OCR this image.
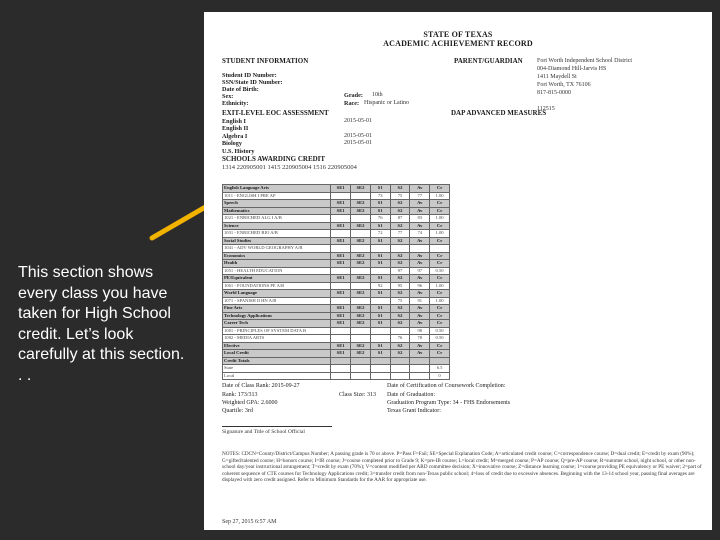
This section shows every class you have taken for High School credit. Let’s look carefully at this section. . .
STATE OF TEXAS
ACADEMIC ACHIEVEMENT RECORD
STUDENT INFORMATION	PARENT/GUARDIAN Fort Worth Independent School District
004-Diamond Hill-Jarvis HS
1411 Maydell St
Fort Worth, TX 76106
817-815-0000
112515
Student ID Number:
SSN/State ID Number:
Date of Birth:
Grade: 10th
Sex:
Ethnicity:	Race: Hispanic or Latino
EXIT-LEVEL EOC ASSESSMENT	DAP ADVANCED MEASURES
English I	2015-05-01
English II
Algebra I	2015-05-01
Biology	2015-05-01
U.S. History
SCHOOLS AWARDING CREDIT
1314 220905001 1415 220905004 1516 220905004
English Language Arts	SE1	SE2	S1	S2	Av	Cr
1011 - ENGLISH I PRE AP			73	75	77	1.00
Speech	SE1	SE2	S1	S2	Av	Cr
Mathematics	SE1	SE2	S1	S2	Av	Cr
1021 - ENRICHED ALG I A/B			76	87	83	1.00
Science	SE1	SE2	S1	S2	Av	Cr
1031 - ENRICHED BIO A/B			72	77	74	1.00
Social Studies	SE1	SE2	S1	S2	Av	Cr
1041 - ADV WORLD GEOGRAPHY A/B						
Economics	SE1	SE2	S1	S2	Av	Cr
Health	SE1	SE2	S1	S2	Av	Cr
1051 - HEALTH EDUCATION				97	97	0.50
PE/Equivalent	SE1	SE2	S1	S2	Av	Cr
1061 - FOUNDATIONS PE A/B			92	95	96	1.00
World Language	SE1	SE2	S1	S2	Av	Cr
1071 - SPANISH II HN A/B				75	91	1.00
Fine Arts	SE1	SE2	S1	S2	Av	Cr
Technology Applications	SE1	SE2	S1	S2	Av	Cr
Career Tech	SE1	SE2	S1	S2	Av	Cr
1081 - PRINCIPLES OF SYSTEM DATA B					98	0.50
1082 - MEDIA ARTS				76	78	0.50
Elective	SE1	SE2	S1	S2	Av	Cr
Local Credit	SE1	SE2	S1	S2	Av	Cr
Credit Totals						
State						6.5
Local						0
Date of Class Rank: 2015-09-27
Rank: 173/313	Class Size: 313
Weighted GPA: 2.6000
Quartile: 3rd
Date of Certification of Coursework Completion:
Date of Graduation:
Graduation Program Type: 34 - FHS Endorsements
Texas Grant Indicator:
Signature and Title of School Official
NOTES: CDCN=County/District/Campus Number; A passing grade is 70 or above. P=Pass F=Fail; SE=Special Explanation Code; A=articulated credit course; C=correspondence course; D=dual credit; E=credit by exam (90%); G=gifted/talented course; H=honors course; I=IB course; J=course completed prior to Grade 9; K=pre-IB course; L=local credit; M=merged course; P=AP course; Q=pre-AP course; R=summer school, night school, or other non-school day/year instructional arrangement; T=credit by exam (70%); V=content modified per ARD committee decision; X=innovative course; Z=distance learning course; 1=course providing PE equivalency or PE waiver; 2=part of coherent sequence of CTE courses for Technology Applications credit; 3=transfer credit from non-Texas public school; 4=loss of credit due to excessive absences. Beginning with the 13-14 school year, passing final averages are displayed with zero credit assigned. Refer to Minimum Standards for the AAR for appropriate use.
Sep 27, 2015 6:57 AM
